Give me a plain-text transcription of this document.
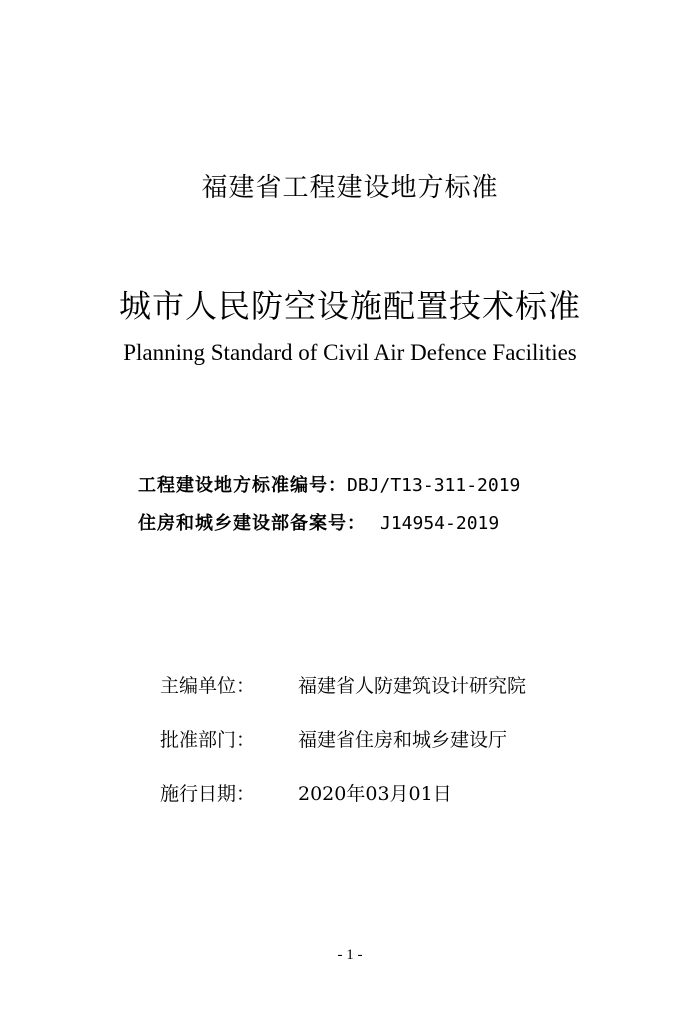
福建省工程建设地方标准
城市人民防空设施配置技术标准
Planning Standard of Civil Air Defence Facilities
工程建设地方标准编号：DBJ/T13-311-2019
住房和城乡建设部备案号： J14954-2019
主编单位： 福建省人防建筑设计研究院
批准部门： 福建省住房和城乡建设厅
施行日期： 2020年03月01日
- 1 -
